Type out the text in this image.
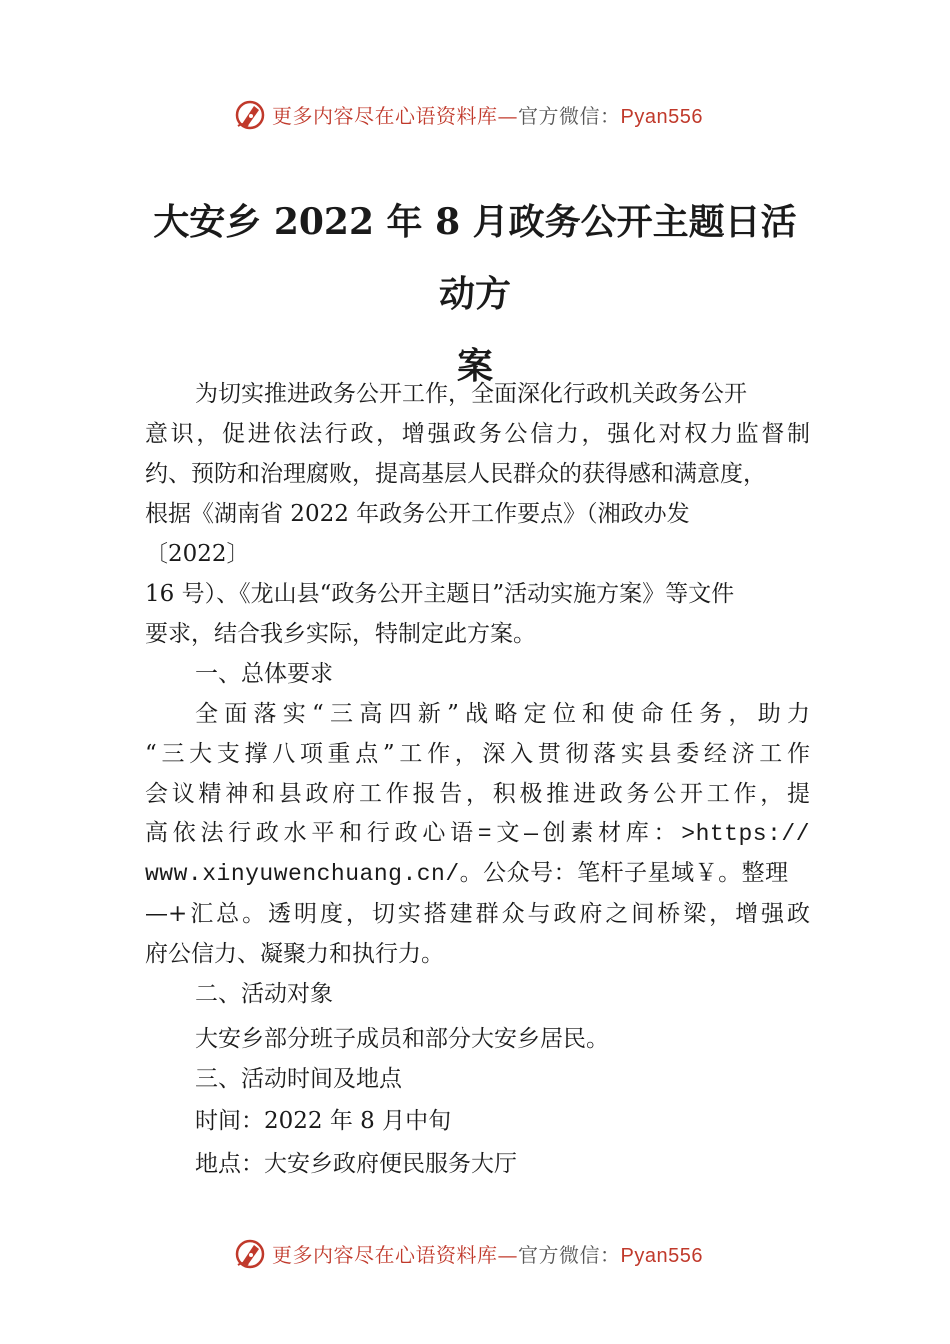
更多内容尽在心语资料库—官方微信：Pyan556
大安乡 2022 年 8 月政务公开主题日活动方
案
为切实推进政务公开工作，全面深化行政机关政务公开
意识，促进依法行政，增强政务公信力，强化对权力监督制
约、预防和治理腐败，提高基层人民群众的获得感和满意度，
根据《湖南省 2022 年政务公开工作要点》（湘政办发
〔2022〕
16 号）、《龙山县“政务公开主题日”活动实施方案》等文件
要求，结合我乡实际，特制定此方案。
一、总体要求
全面落实“三高四新”战略定位和使命任务，助力
“三大支撑八项重点”工作，深入贯彻落实县委经济工作
会议精神和县政府工作报告，积极推进政务公开工作，提
高依法行政水平和行政心语=文—创素材库：>https://
www.xinyuwenchuang.cn/。公众号：笔杆子星域￥。整理
—+汇总。透明度，切实搭建群众与政府之间桥梁，增强政
府公信力、凝聚力和执行力。
二、活动对象
大安乡部分班子成员和部分大安乡居民。
三、活动时间及地点
时间：2022 年 8 月中旬
地点：大安乡政府便民服务大厅
更多内容尽在心语资料库—官方微信：Pyan556
